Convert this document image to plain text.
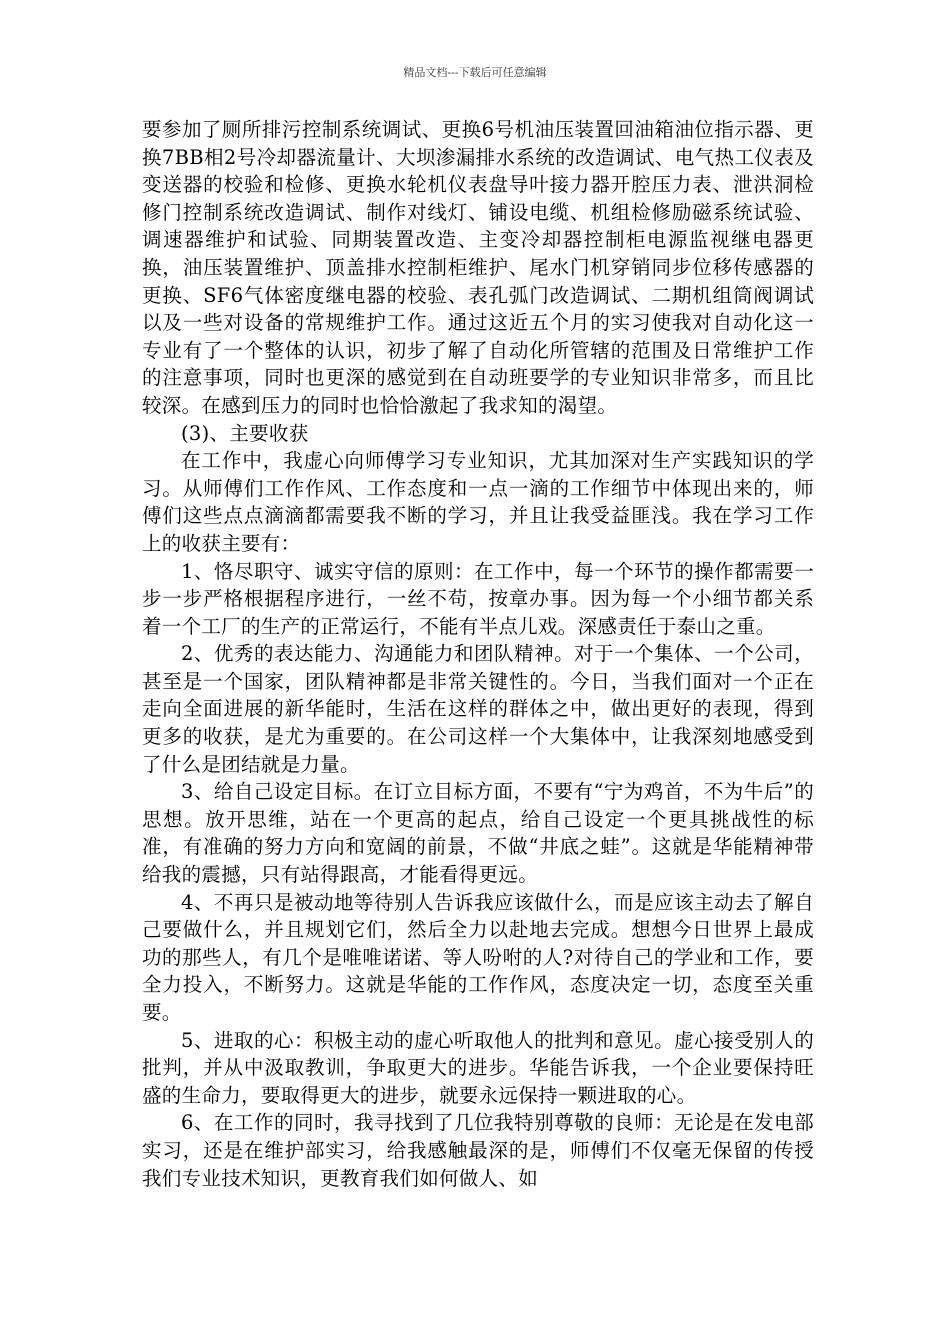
精品文档---下载后可任意编辑

要参加了厕所排污控制系统调试、更换6号机油压装置回油箱油位指示器、更换7BB相2号冷却器流量计、大坝渗漏排水系统的改造调试、电气热工仪表及变送器的校验和检修、更换水轮机仪表盘导叶接力器开腔压力表、泄洪洞检修门控制系统改造调试、制作对线灯、铺设电缆、机组检修励磁系统试验、调速器维护和试验、同期装置改造、主变冷却器控制柜电源监视继电器更换，油压装置维护、顶盖排水控制柜维护、尾水门机穿销同步位移传感器的更换、SF6气体密度继电器的校验、表孔弧门改造调试、二期机组筒阀调试以及一些对设备的常规维护工作。通过这近五个月的实习使我对自动化这一专业有了一个整体的认识，初步了解了自动化所管辖的范围及日常维护工作的注意事项，同时也更深的感觉到在自动班要学的专业知识非常多，而且比较深。在感到压力的同时也恰恰激起了我求知的渴望。

(3)、主要收获

在工作中，我虚心向师傅学习专业知识，尤其加深对生产实践知识的学习。从师傅们工作作风、工作态度和一点一滴的工作细节中体现出来的，师傅们这些点点滴滴都需要我不断的学习，并且让我受益匪浅。我在学习工作上的收获主要有：

1、恪尽职守、诚实守信的原则：在工作中，每一个环节的操作都需要一步一步严格根据程序进行，一丝不苟，按章办事。因为每一个小细节都关系着一个工厂的生产的正常运行，不能有半点儿戏。深感责任于泰山之重。

2、优秀的表达能力、沟通能力和团队精神。对于一个集体、一个公司，甚至是一个国家，团队精神都是非常关键性的。今日，当我们面对一个正在走向全面进展的新华能时，生活在这样的群体之中，做出更好的表现，得到更多的收获，是尤为重要的。在公司这样一个大集体中，让我深刻地感受到了什么是团结就是力量。

3、给自己设定目标。在订立目标方面，不要有“宁为鸡首，不为牛后”的思想。放开思维，站在一个更高的起点，给自己设定一个更具挑战性的标准，有准确的努力方向和宽阔的前景，不做“井底之蛙”。这就是华能精神带给我的震撼，只有站得跟高，才能看得更远。

4、不再只是被动地等待别人告诉我应该做什么，而是应该主动去了解自己要做什么，并且规划它们，然后全力以赴地去完成。想想今日世界上最成功的那些人，有几个是唯唯诺诺、等人吩咐的人?对待自己的学业和工作，要全力投入，不断努力。这就是华能的工作作风，态度决定一切，态度至关重要。

5、进取的心：积极主动的虚心听取他人的批判和意见。虚心接受别人的批判，并从中汲取教训，争取更大的进步。华能告诉我，一个企业要保持旺盛的生命力，要取得更大的进步，就要永远保持一颗进取的心。

6、在工作的同时，我寻找到了几位我特别尊敬的良师：无论是在发电部实习，还是在维护部实习，给我感触最深的是，师傅们不仅毫无保留的传授我们专业技术知识，更教育我们如何做人、如
